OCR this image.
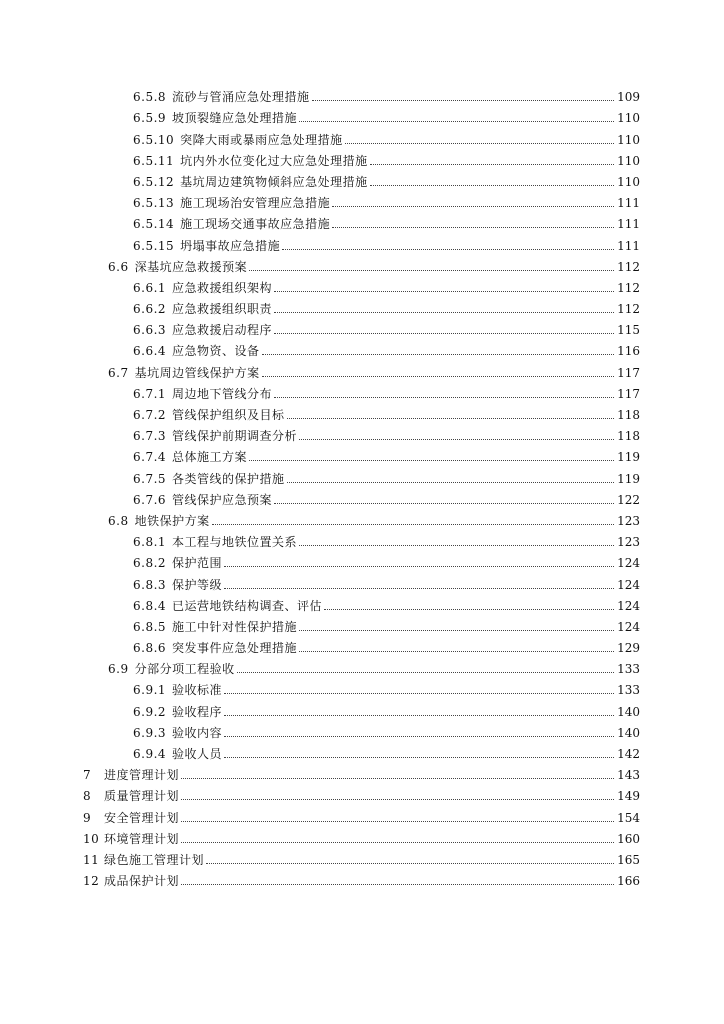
6.5.8 流砂与管涌应急处理措施	109
6.5.9 坡顶裂缝应急处理措施	110
6.5.10 突降大雨或暴雨应急处理措施	110
6.5.11 坑内外水位变化过大应急处理措施	110
6.5.12 基坑周边建筑物倾斜应急处理措施	110
6.5.13 施工现场治安管理应急措施	111
6.5.14 施工现场交通事故应急措施	111
6.5.15 坍塌事故应急措施	111
6.6 深基坑应急救援预案	112
6.6.1 应急救援组织架构	112
6.6.2 应急救援组织职责	112
6.6.3 应急救援启动程序	115
6.6.4 应急物资、设备	116
6.7 基坑周边管线保护方案	117
6.7.1 周边地下管线分布	117
6.7.2 管线保护组织及目标	118
6.7.3 管线保护前期调查分析	118
6.7.4 总体施工方案	119
6.7.5 各类管线的保护措施	119
6.7.6 管线保护应急预案	122
6.8 地铁保护方案	123
6.8.1 本工程与地铁位置关系	123
6.8.2 保护范围	124
6.8.3 保护等级	124
6.8.4 已运营地铁结构调查、评估	124
6.8.5 施工中针对性保护措施	124
6.8.6 突发事件应急处理措施	129
6.9 分部分项工程验收	133
6.9.1 验收标准	133
6.9.2 验收程序	140
6.9.3 验收内容	140
6.9.4 验收人员	142
7	进度管理计划	143
8	质量管理计划	149
9	安全管理计划	154
10 环境管理计划	160
11 绿色施工管理计划	165
12 成品保护计划	166
